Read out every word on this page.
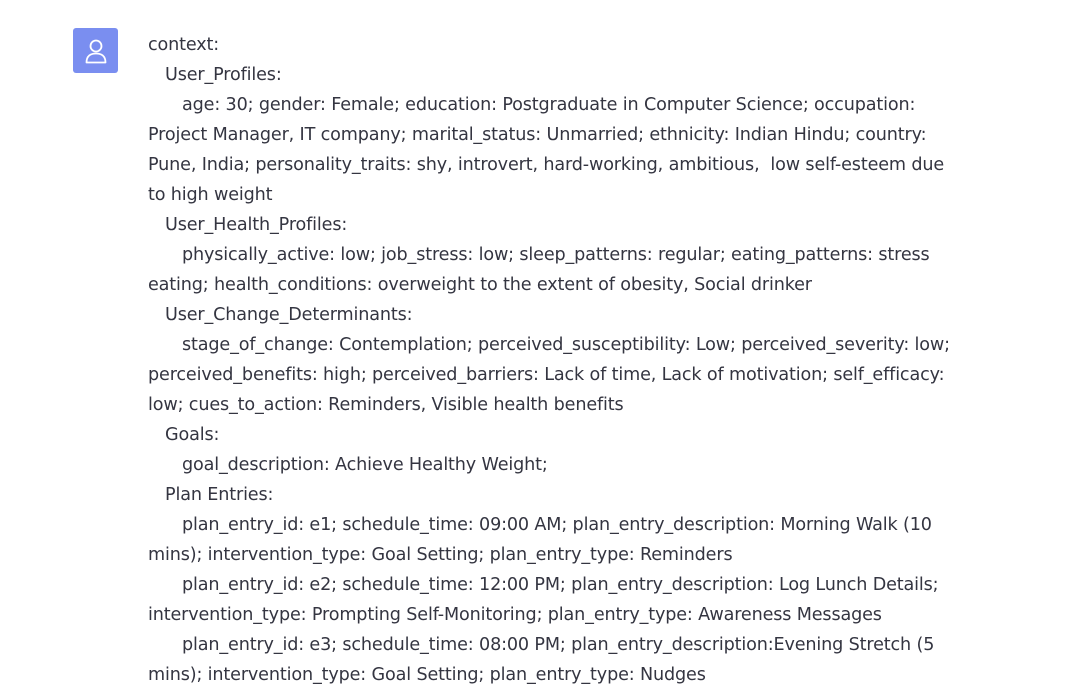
context:
User_Profiles:
age: 30; gender: Female; education: Postgraduate in Computer Science; occupation:
Project Manager, IT company; marital_status: Unmarried; ethnicity: Indian Hindu; country:
Pune, India; personality_traits: shy, introvert, hard-working, ambitious,  low self-esteem due
to high weight
User_Health_Profiles:
physically_active: low; job_stress: low; sleep_patterns: regular; eating_patterns: stress
eating; health_conditions: overweight to the extent of obesity, Social drinker
User_Change_Determinants:
stage_of_change: Contemplation; perceived_susceptibility: Low; perceived_severity: low;
perceived_benefits: high; perceived_barriers: Lack of time, Lack of motivation; self_efficacy:
low; cues_to_action: Reminders, Visible health benefits
Goals:
goal_description: Achieve Healthy Weight;
Plan Entries:
plan_entry_id: e1; schedule_time: 09:00 AM; plan_entry_description: Morning Walk (10
mins); intervention_type: Goal Setting; plan_entry_type: Reminders
plan_entry_id: e2; schedule_time: 12:00 PM; plan_entry_description: Log Lunch Details;
intervention_type: Prompting Self-Monitoring; plan_entry_type: Awareness Messages
plan_entry_id: e3; schedule_time: 08:00 PM; plan_entry_description:Evening Stretch (5
mins); intervention_type: Goal Setting; plan_entry_type: Nudges
